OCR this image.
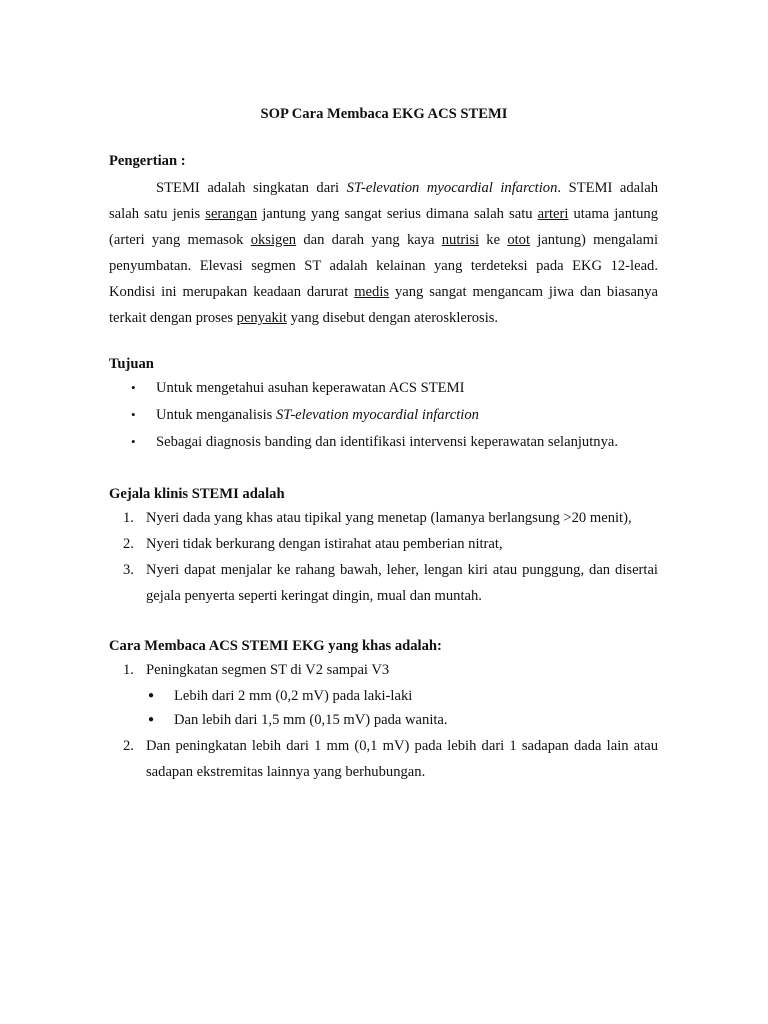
SOP Cara Membaca EKG ACS STEMI

Pengertian :

STEMI adalah singkatan dari ST-elevation myocardial infarction. STEMI adalah salah satu jenis serangan jantung yang sangat serius dimana salah satu arteri utama jantung (arteri yang memasok oksigen dan darah yang kaya nutrisi ke otot jantung) mengalami penyumbatan. Elevasi segmen ST adalah kelainan yang terdeteksi pada EKG 12-lead. Kondisi ini merupakan keadaan darurat medis yang sangat mengancam jiwa dan biasanya terkait dengan proses penyakit yang disebut dengan aterosklerosis.

Tujuan

• Untuk mengetahui asuhan keperawatan ACS STEMI

• Untuk menganalisis ST-elevation myocardial infarction

• Sebagai diagnosis banding dan identifikasi intervensi keperawatan selanjutnya.

Gejala klinis STEMI adalah

1. Nyeri dada yang khas atau tipikal yang menetap (lamanya berlangsung >20 menit),

2. Nyeri tidak berkurang dengan istirahat atau pemberian nitrat,

3. Nyeri dapat menjalar ke rahang bawah, leher, lengan kiri atau punggung, dan disertai gejala penyerta seperti keringat dingin, mual dan muntah.

Cara Membaca ACS STEMI EKG yang khas adalah:

1. Peningkatan segmen ST di V2 sampai V3

● Lebih dari 2 mm (0,2 mV) pada laki-laki

● Dan lebih dari 1,5 mm (0,15 mV) pada wanita.

2. Dan peningkatan lebih dari 1 mm (0,1 mV) pada lebih dari 1 sadapan dada lain atau sadapan ekstremitas lainnya yang berhubungan.
